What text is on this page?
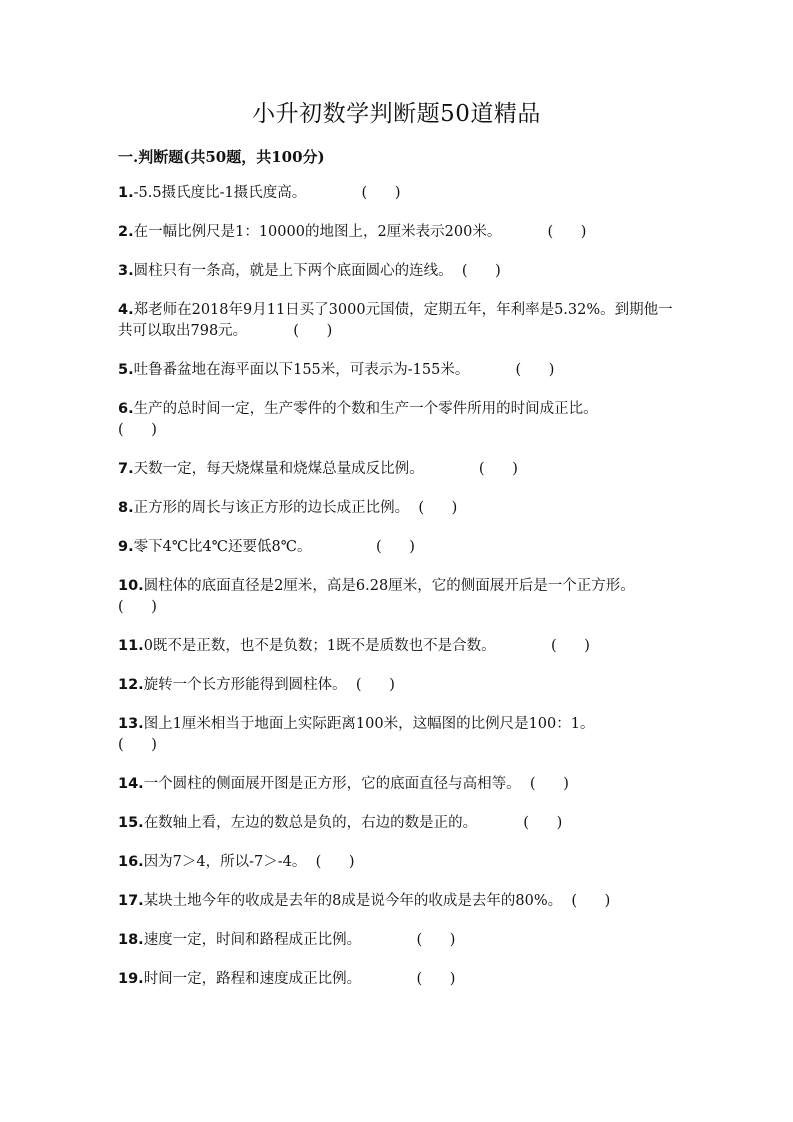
小升初数学判断题50道精品
一.判断题(共50题，共100分)
1.-5.5摄氏度比-1摄氏度高。	(      )
2.在一幅比例尺是1：10000的地图上，2厘米表示200米。	(      )
3.圆柱只有一条高，就是上下两个底面圆心的连线。 (      )
4.郑老师在2018年9月11日买了3000元国债，定期五年，年利率是5.32%。到期他一共可以取出798元。	(      )
5.吐鲁番盆地在海平面以下155米，可表示为-155米。	(      )
6.生产的总时间一定，生产零件的个数和生产一个零件所用的时间成正比。          (      )
7.天数一定，每天烧煤量和烧煤总量成反比例。	(      )
8.正方形的周长与该正方形的边长成正比例。 (      )
9.零下4℃比4℃还要低8℃。	(      )
10.圆柱体的底面直径是2厘米，高是6.28厘米，它的侧面展开后是一个正方形。  (      )
11.0既不是正数，也不是负数；1既不是质数也不是合数。	(      )
12.旋转一个长方形能得到圆柱体。 (      )
13.图上1厘米相当于地面上实际距离100米，这幅图的比例尺是100：1。          (      )
14.一个圆柱的侧面展开图是正方形，它的底面直径与高相等。 (      )
15.在数轴上看，左边的数总是负的，右边的数是正的。	(      )
16.因为7＞4，所以-7＞-4。 (      )
17.某块土地今年的收成是去年的8成是说今年的收成是去年的80%。 (      )
18.速度一定，时间和路程成正比例。	(      )
19.时间一定，路程和速度成正比例。	(      )
